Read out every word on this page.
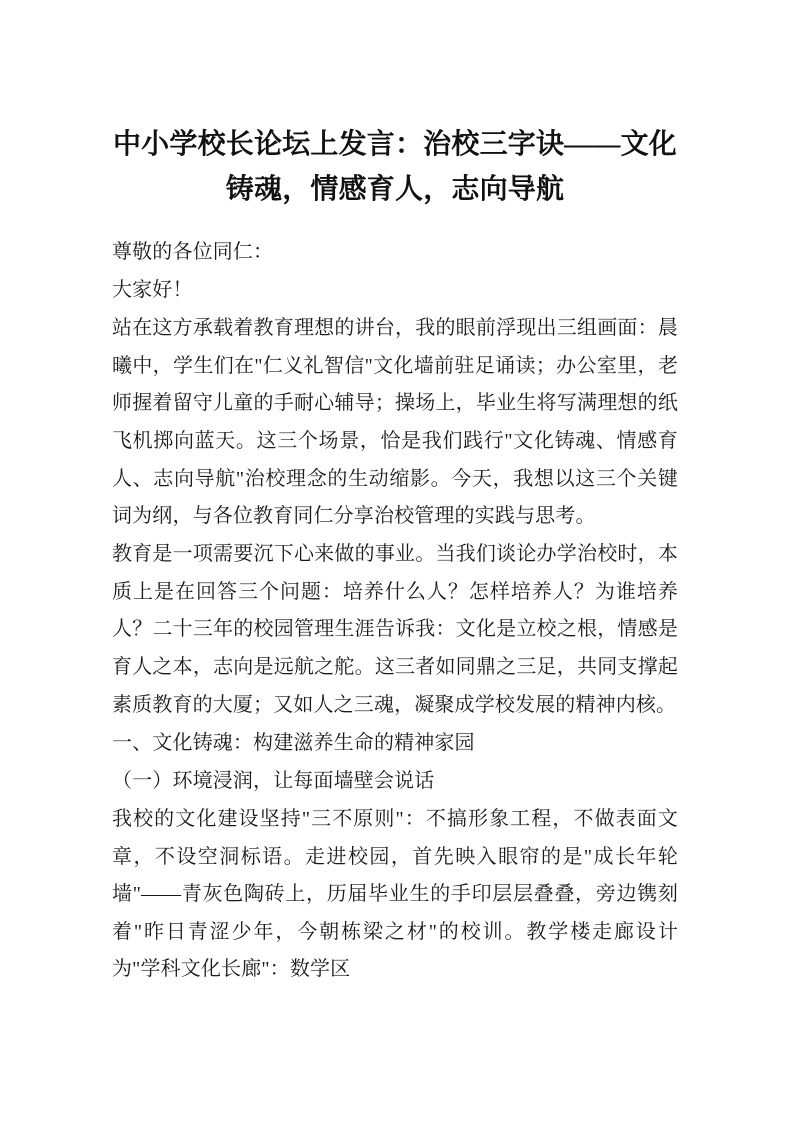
中小学校长论坛上发言：治校三字诀——文化铸魂，情感育人，志向导航

尊敬的各位同仁：

大家好！

站在这方承载着教育理想的讲台，我的眼前浮现出三组画面：晨曦中，学生们在"仁义礼智信"文化墙前驻足诵读；办公室里，老师握着留守儿童的手耐心辅导；操场上，毕业生将写满理想的纸飞机掷向蓝天。这三个场景，恰是我们践行"文化铸魂、情感育人、志向导航"治校理念的生动缩影。今天，我想以这三个关键词为纲，与各位教育同仁分享治校管理的实践与思考。

教育是一项需要沉下心来做的事业。当我们谈论办学治校时，本质上是在回答三个问题：培养什么人？怎样培养人？为谁培养人？二十三年的校园管理生涯告诉我：文化是立校之根，情感是育人之本，志向是远航之舵。这三者如同鼎之三足，共同支撑起素质教育的大厦；又如人之三魂，凝聚成学校发展的精神内核。

一、文化铸魂：构建滋养生命的精神家园

（一）环境浸润，让每面墙壁会说话

我校的文化建设坚持"三不原则"：不搞形象工程，不做表面文章，不设空洞标语。走进校园，首先映入眼帘的是"成长年轮墙"——青灰色陶砖上，历届毕业生的手印层层叠叠，旁边镌刻着"昨日青涩少年，今朝栋梁之材"的校训。教学楼走廊设计为"学科文化长廊"：数学区
